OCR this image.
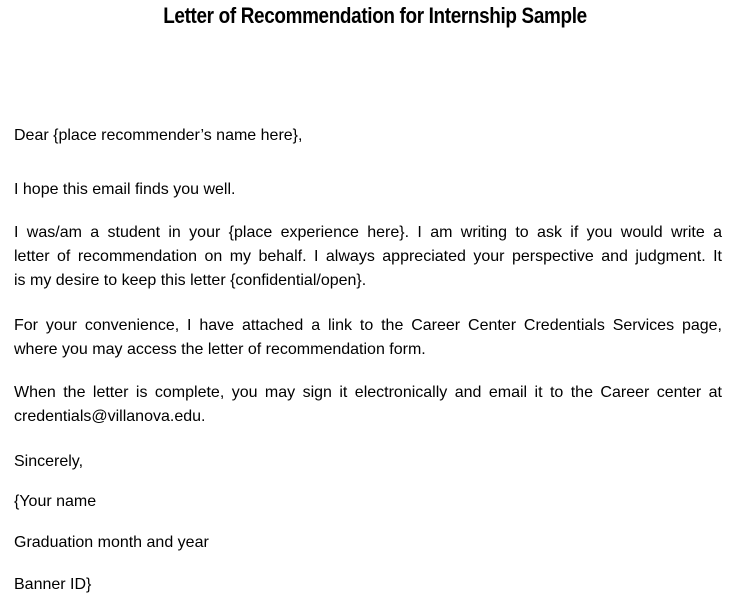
Letter of Recommendation for Internship Sample

Dear {place recommender’s name here},

I hope this email finds you well.
I was/am a student in your {place experience here}. I am writing to ask if you would write a
letter of recommendation on my behalf. I always appreciated your perspective and judgment. It
is my desire to keep this letter {confidential/open}.
For your convenience, I have attached a link to the Career Center Credentials Services page,
where you may access the letter of recommendation form.
When the letter is complete, you may sign it electronically and email it to the Career center at
credentials@villanova.edu.

Sincerely,

{Your name

Graduation month and year

Banner ID}
